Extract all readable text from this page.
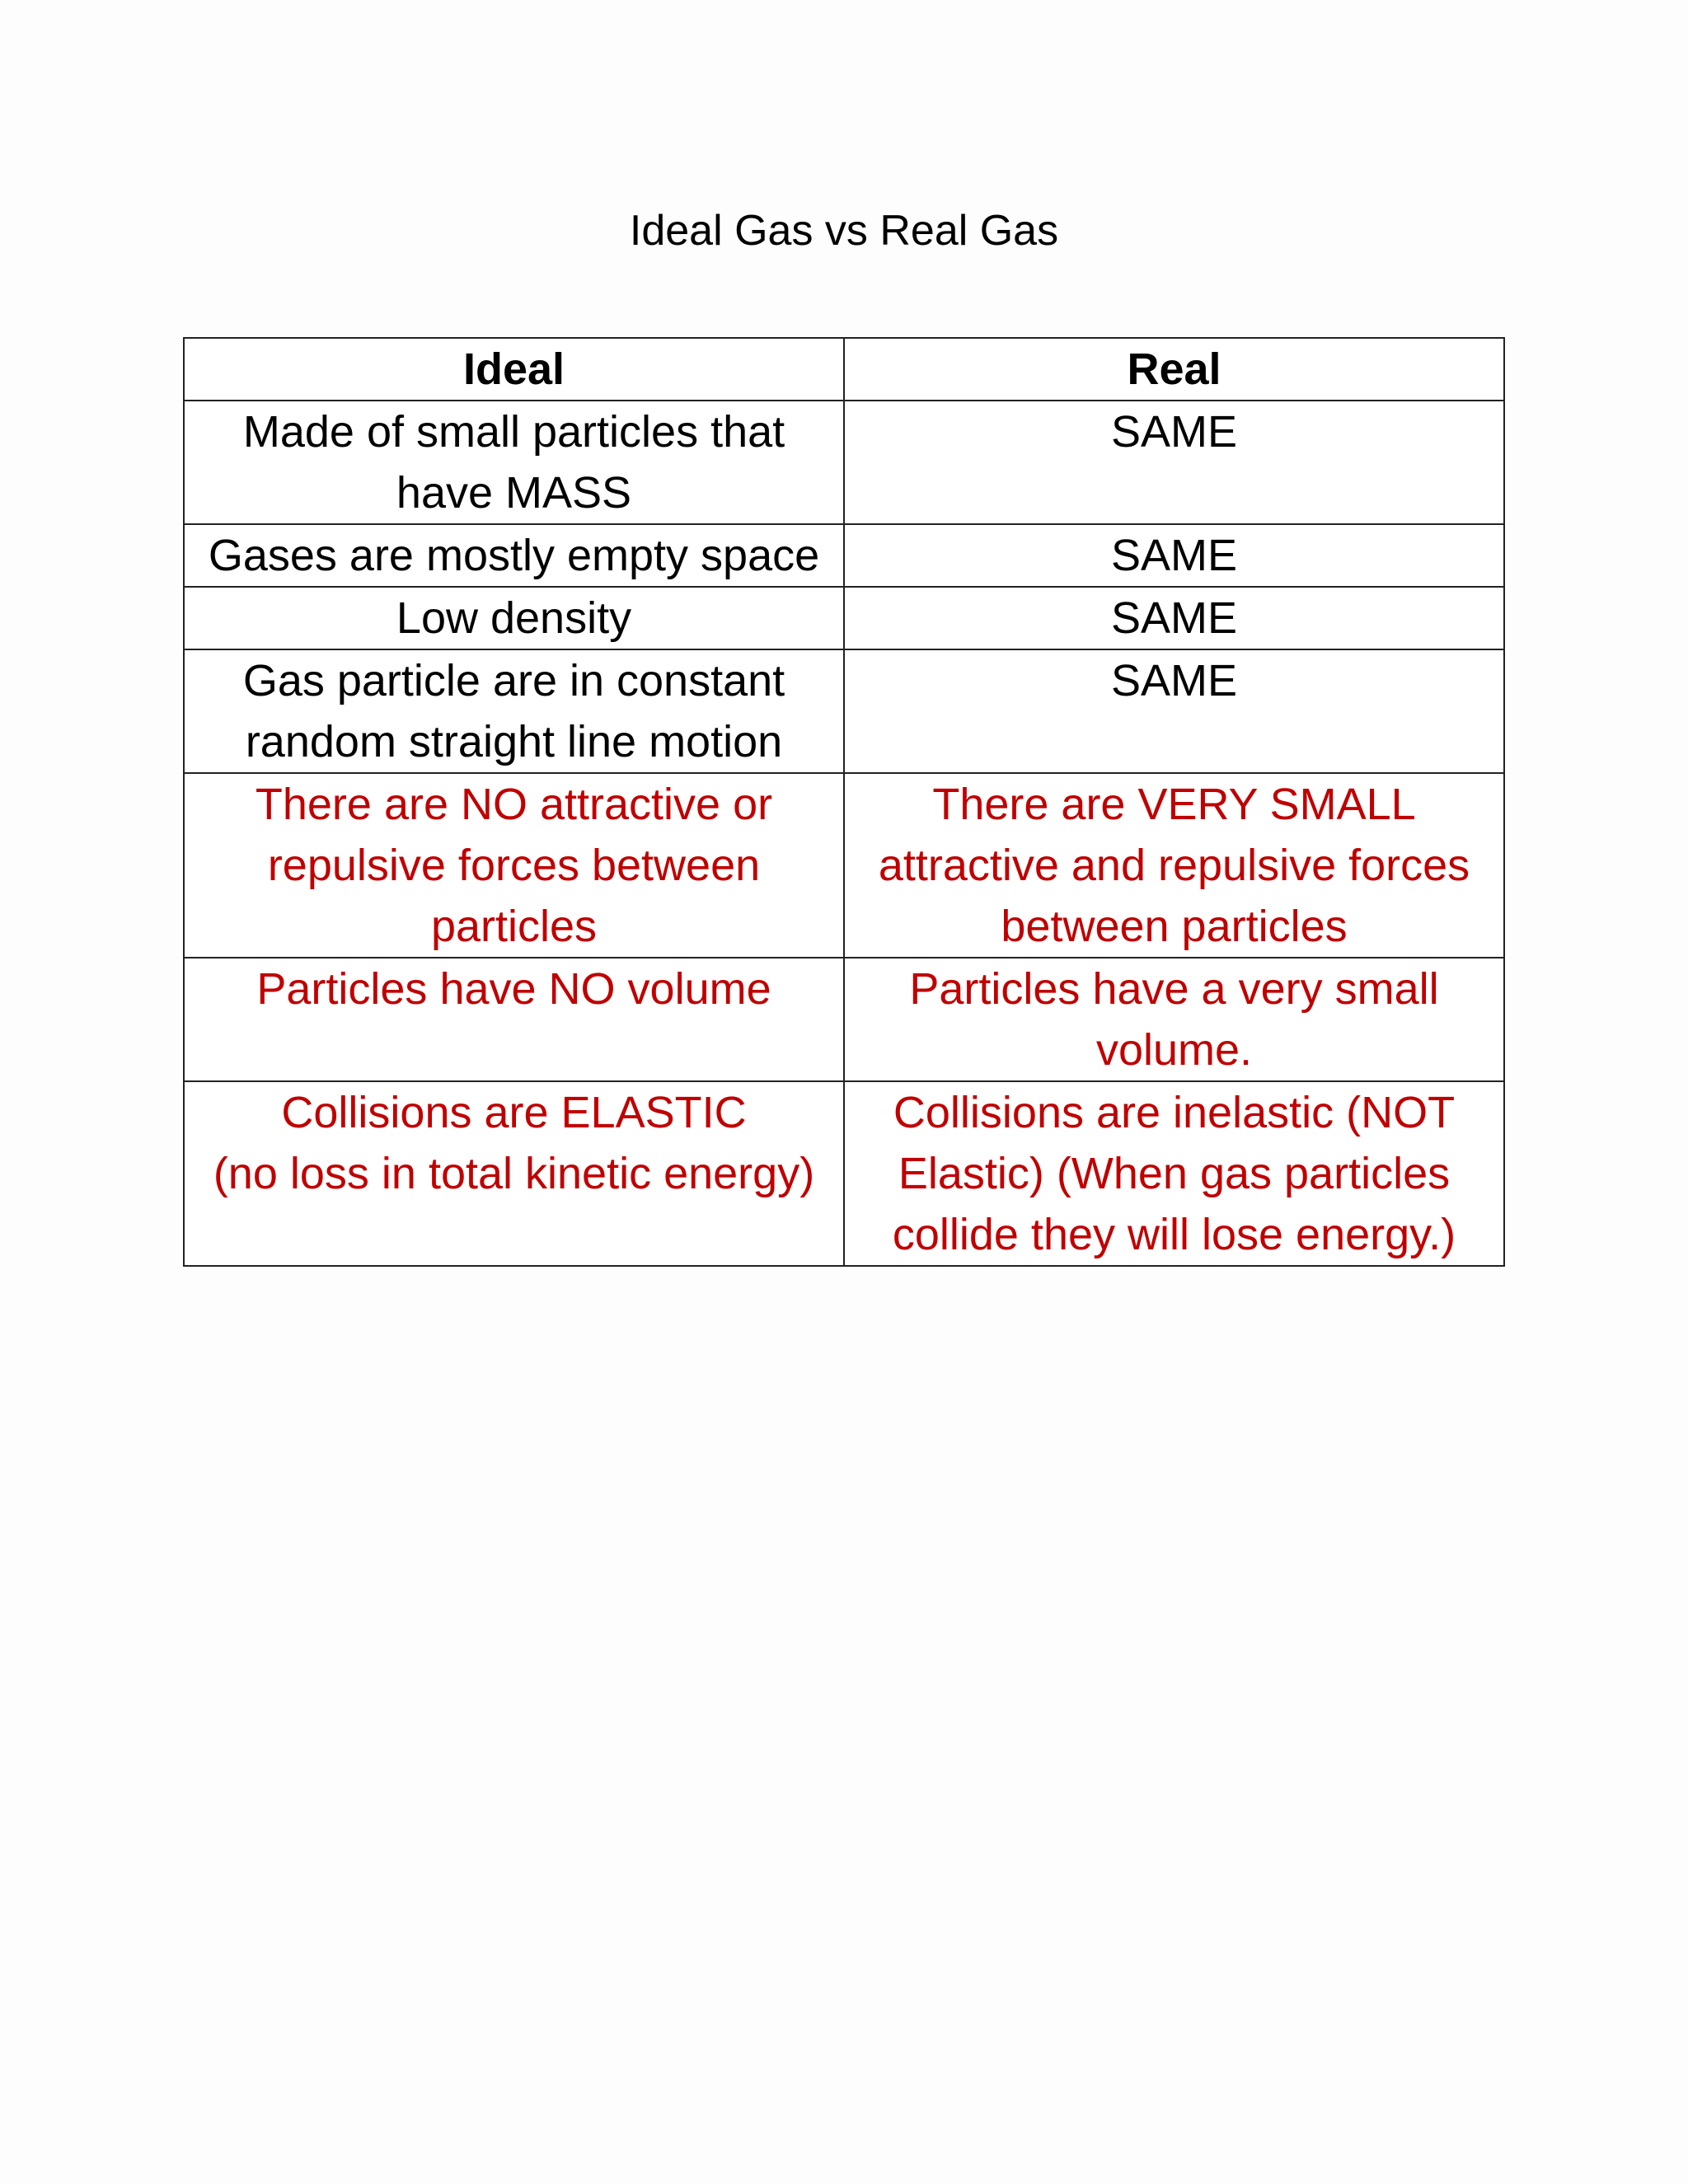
Ideal Gas vs Real Gas
Ideal	Real
Made of small particles that have MASS	SAME
Gases are mostly empty space	SAME
Low density	SAME
Gas particle are in constant random straight line motion	SAME
There are NO attractive or repulsive forces between particles	There are VERY SMALL attractive and repulsive forces between particles
Particles have NO volume	Particles have a very small volume.

Collisions are ELASTIC
(no loss in total kinetic energy)	Collisions are inelastic (NOT Elastic) (When gas particles collide they will lose energy.)
